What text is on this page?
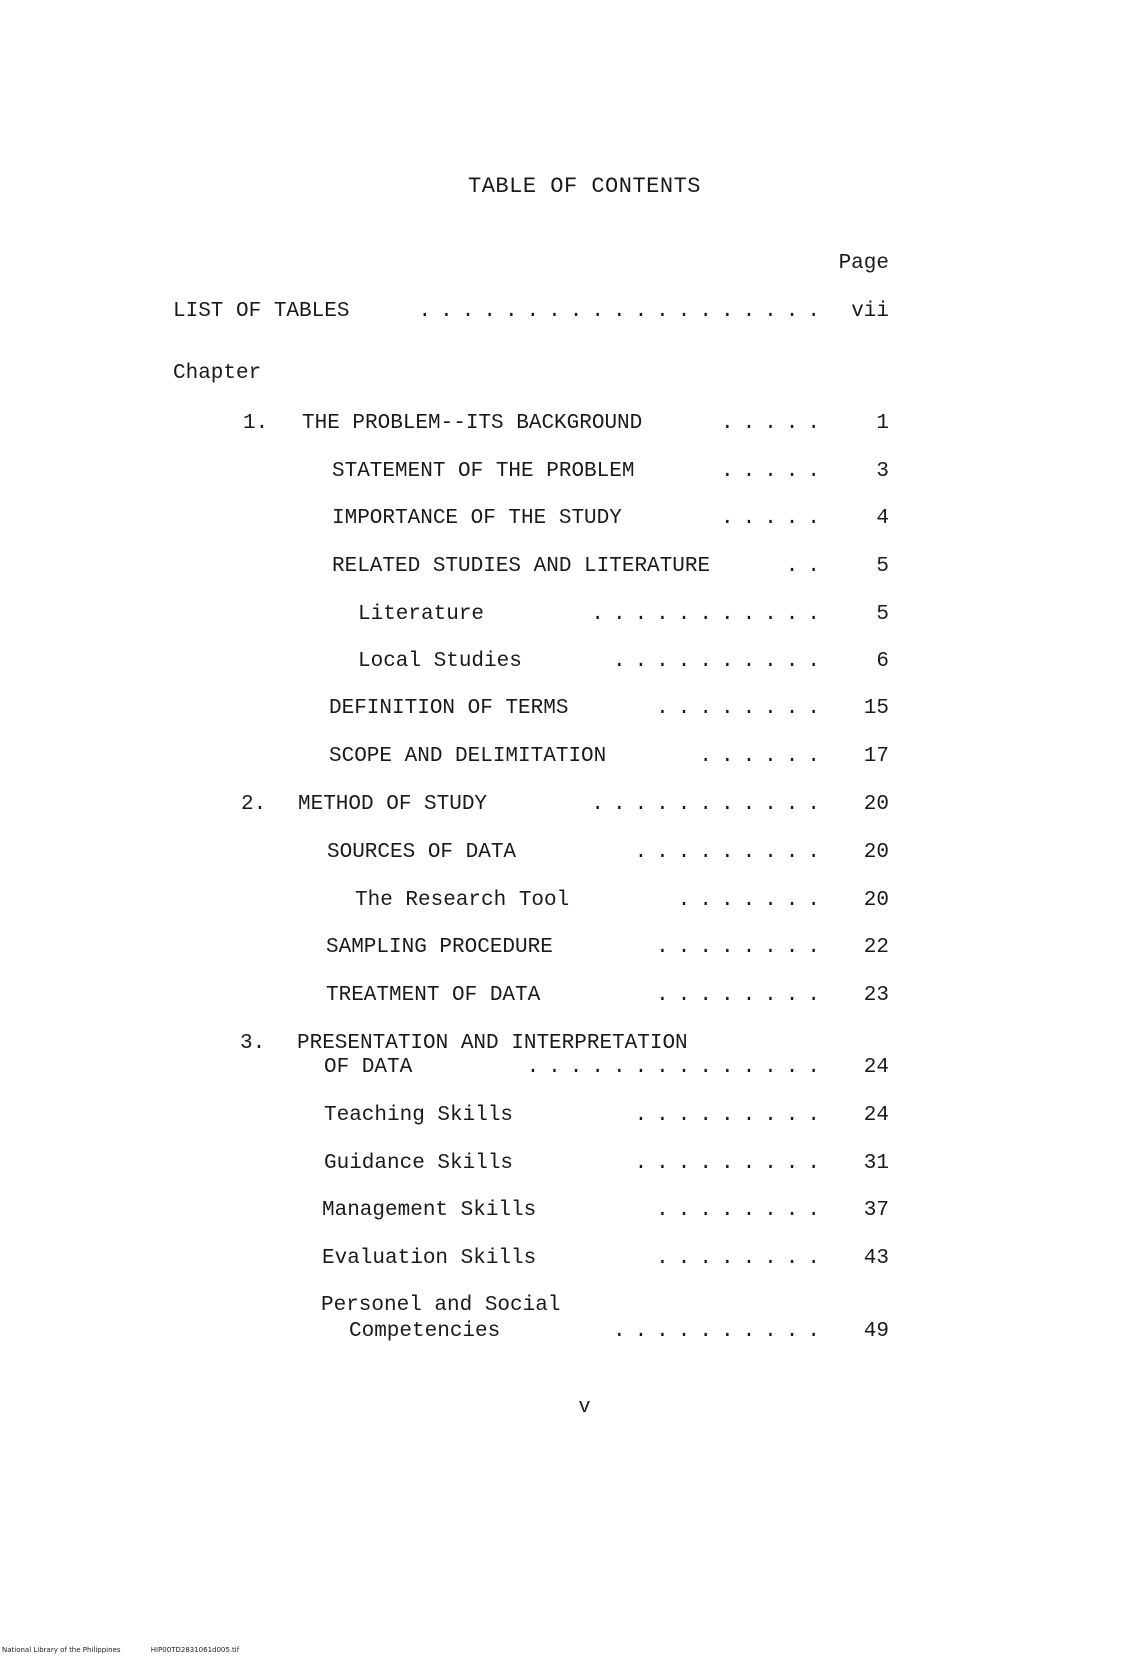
TABLE OF CONTENTS
Page
LIST OF TABLES	................... vii
Chapter
1. THE PROBLEM--ITS BACKGROUND	..... 1
STATEMENT OF THE PROBLEM	..... 3
IMPORTANCE OF THE STUDY	..... 4
RELATED STUDIES AND LITERATURE	.. 5
Literature	........... 5
Local Studies	.......... 6
DEFINITION OF TERMS	........ 15
SCOPE AND DELIMITATION	...... 17
2. METHOD OF STUDY	........... 20
SOURCES OF DATA	......... 20
The Research Tool	....... 20
SAMPLING PROCEDURE	........ 22
TREATMENT OF DATA	........ 23
3. PRESENTATION AND INTERPRETATION
OF DATA	.............. 24
Teaching Skills	......... 24
Guidance Skills	......... 31
Management Skills	........ 37
Evaluation Skills	........ 43
Personel and Social
Competencies	.......... 49
v
National Library of the Philippines	HIP00TD2831061d005.tif
